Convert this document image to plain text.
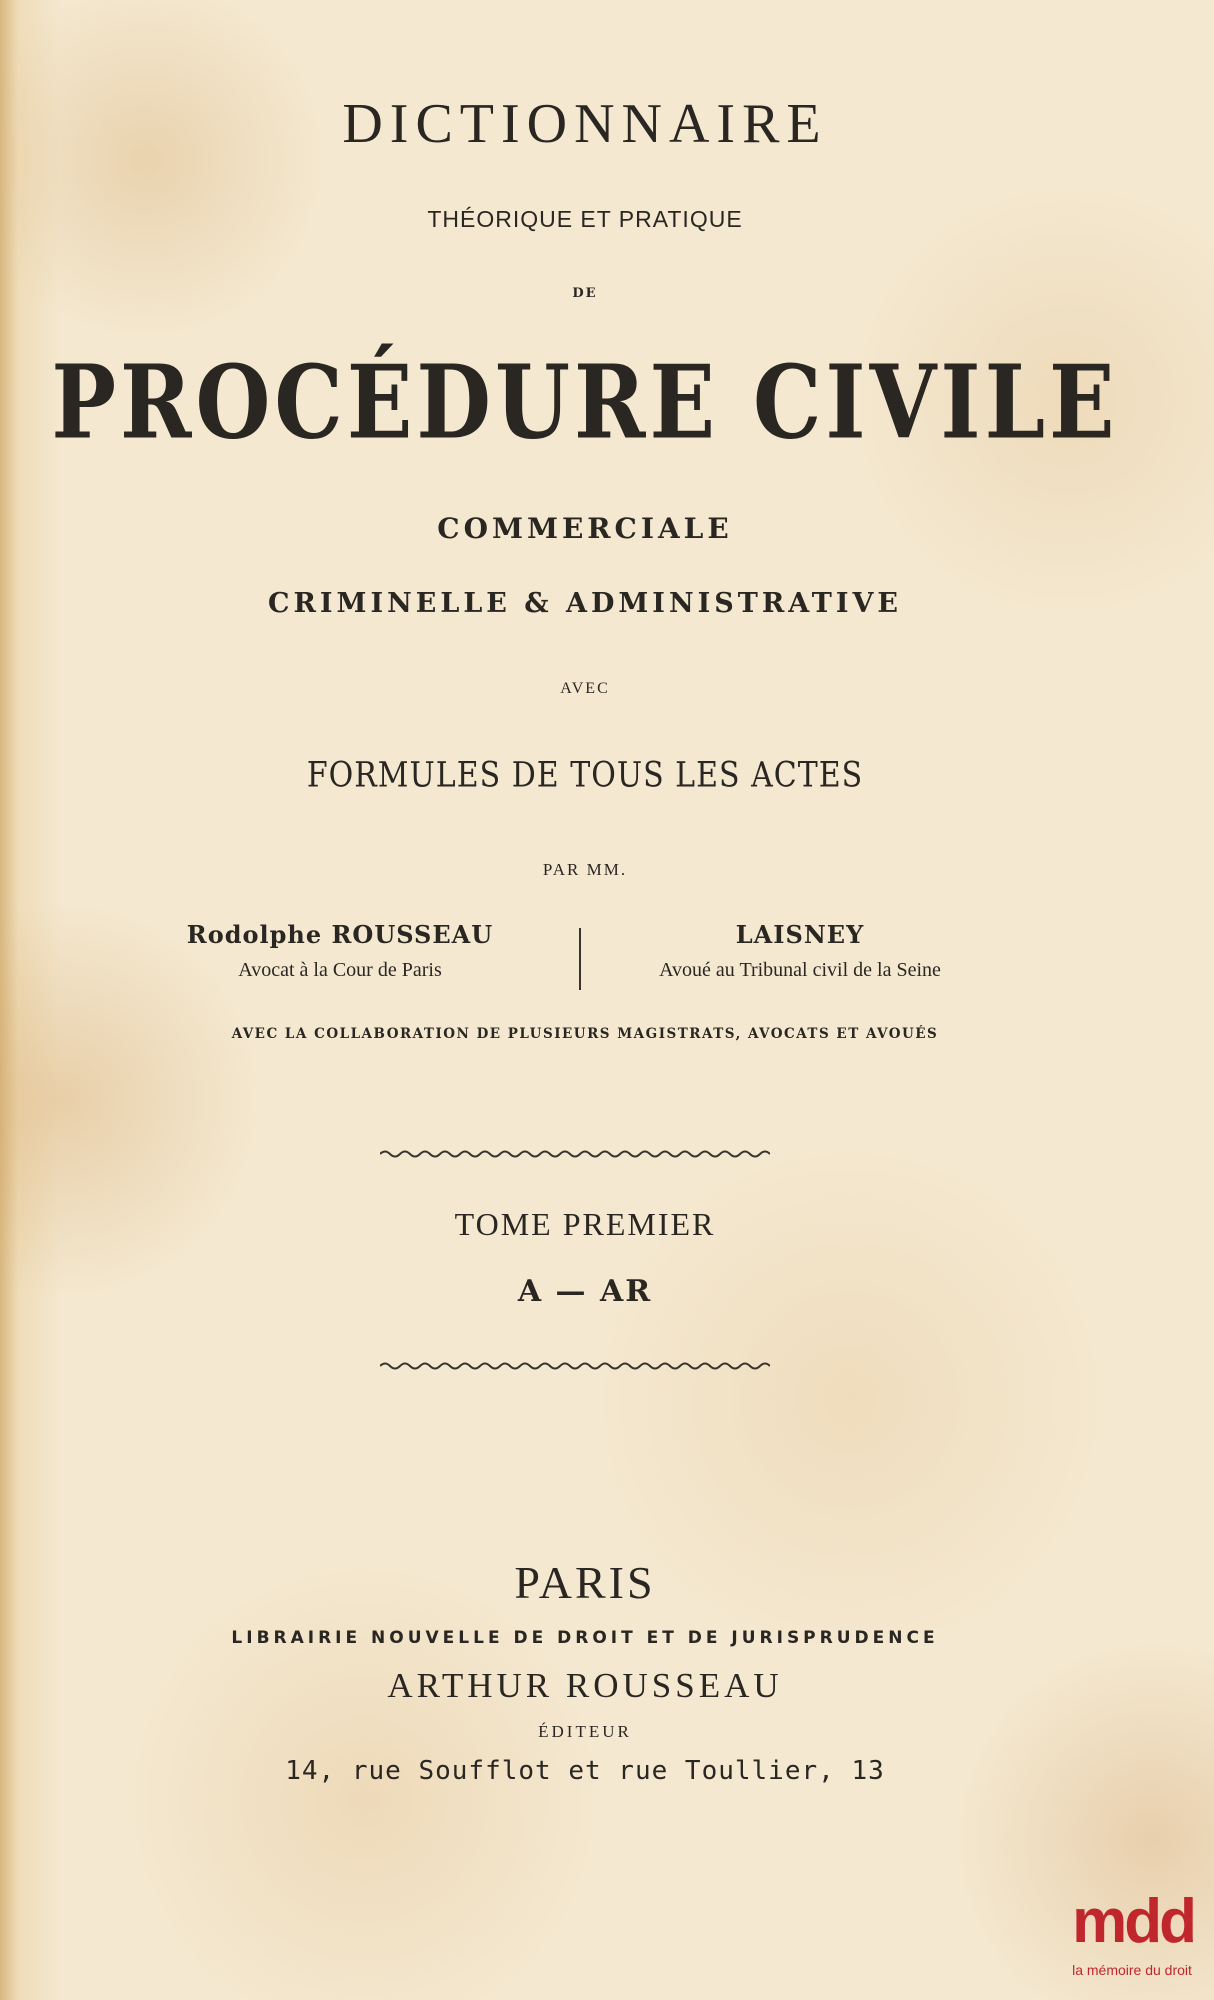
DICTIONNAIRE
THÉORIQUE ET PRATIQUE
DE
PROCÉDURE CIVILE
COMMERCIALE
CRIMINELLE & ADMINISTRATIVE
AVEC
FORMULES DE TOUS LES ACTES
PAR MM.
Rodolphe ROUSSEAU
Avocat à la Cour de Paris
LAISNEY
Avoué au Tribunal civil de la Seine
AVEC LA COLLABORATION DE PLUSIEURS MAGISTRATS, AVOCATS ET AVOUÉS
TOME PREMIER
A — AR
PARIS
LIBRAIRIE NOUVELLE DE DROIT ET DE JURISPRUDENCE
ARTHUR ROUSSEAU
ÉDITEUR
14, rue Soufflot et rue Toullier, 13
mdd
la mémoire du droit
